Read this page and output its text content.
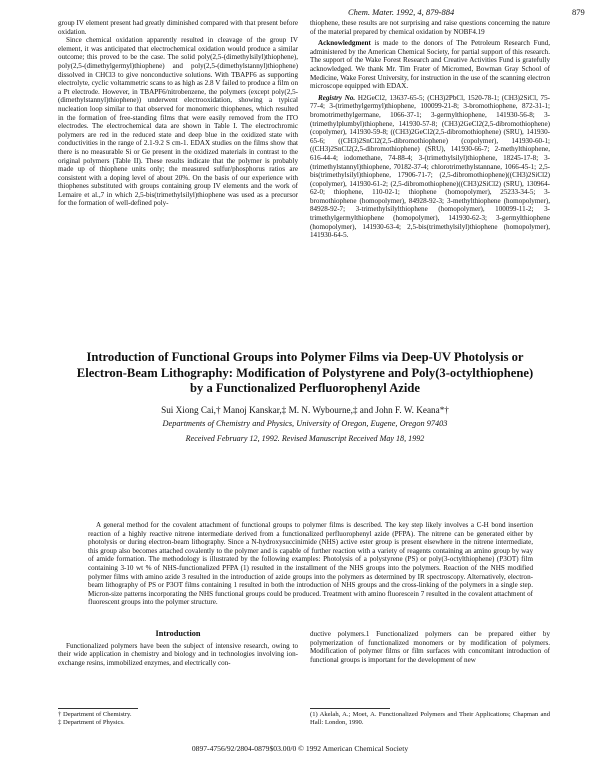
Chem. Mater. 1992, 4, 879-884	879

group IV element present had greatly diminished compared with that present before oxidation.

Since chemical oxidation apparently resulted in cleavage of the group IV element, it was anticipated that electrochemical oxidation would produce a similar outcome; this proved to be the case. The solid poly(2,5-(dimethylsilyl)thiophene), poly(2,5-(dimethylgermyl)thiophene) and poly(2,5-(dimethylstannyl)thiophene) dissolved in CHCl3 to give nonconductive solutions. With TBAPF6 as supporting electrolyte, cyclic voltammetric scans to as high as 2.8 V failed to produce a film on a Pt electrode. However, in TBAPF6/nitrobenzene, the polymers (except poly(2,5-(dimethylstannyl)thiophene)) underwent electrooxidation, showing a typical nucleation loop similar to that observed for monomeric thiophenes, which resulted in the formation of free-standing films that were easily removed from the ITO electrodes. The electrochemical data are shown in Table I. The electrochromic polymers are red in the reduced state and deep blue in the oxidized state with conductivities in the range of 2.1-9.2 S cm-1. EDAX studies on the films show that there is no measurable Si or Ge present in the oxidized materials in contrast to the original polymers (Table II). These results indicate that the polymer is probably made up of thiophene units only; the measured sulfur/phosphorus ratios are consistent with a doping level of about 20%. On the basis of our experience with thiophenes substituted with groups containing group IV elements and the work of Lemaire et al.,7 in which 2,5-bis(trimethylsilyl)thiophene was used as a precursor for the formation of well-defined poly-

thiophene, these results are not surprising and raise questions concerning the nature of the material prepared by chemical oxidation by NOBF4.19

Acknowledgment is made to the donors of The Petroleum Research Fund, administered by the American Chemical Society, for partial support of this research. The support of the Wake Forest Research and Creative Activities Fund is gratefully acknowledged. We thank Mr. Tim Frater of Micromed, Bowman Gray School of Medicine, Wake Forest University, for instruction in the use of the scanning electron microscope equipped with EDAX.

Registry No. H2GeCl2, 13637-65-5; (CH3)2PbCl, 1520-78-1; (CH3)2SiCl, 75-77-4; 3-(trimethylgermyl)thiophene, 100099-21-8; 3-bromothiophene, 872-31-1; bromotrimethylgermane, 1066-37-1; 3-germylthiophene, 141930-56-8; 3-(trimethylplumbyl)thiophene, 141930-57-8; (CH3)2GeCl2(2,5-dibromothiophene) (copolymer), 141930-59-8; ((CH3)2GeCl2(2,5-dibromothiophene) (SRU), 141930-65-6; ((CH3)2SnCl2(2,5-dibromothiophene) (copolymer), 141930-60-1; ((CH3)2SnCl2(2,5-dibromothiophene) (SRU), 141930-66-7; 2-methylthiophene, 616-44-4; iodomethane, 74-88-4; 3-(trimethylsilyl)thiophene, 18245-17-8; 3-(trimethylstannyl)thiophene, 70182-37-4; chlorotrimethylstannane, 1066-45-1; 2,5-bis(trimethylsilyl)thiophene, 17906-71-7; (2,5-dibromothiophene)((CH3)2SiCl2) (copolymer), 141930-61-2; (2,5-dibromothiophene)((CH3)2SiCl2) (SRU), 130964-62-0; thiophene, 110-02-1; thiophene (homopolymer), 25233-34-5; 3-bromothiophene (homopolymer), 84928-92-3; 3-methylthiophene (homopolymer), 84928-92-7; 3-trimethylsilylthiophene (homopolymer), 100099-11-2; 3-trimethylgermylthiophene (homopolymer), 141930-62-3; 3-germylthiophene (homopolymer), 141930-63-4; 2,5-bis(trimethylsilyl)thiophene (homopolymer), 141930-64-5.

Introduction of Functional Groups into Polymer Films via Deep-UV Photolysis or Electron-Beam Lithography: Modification of Polystyrene and Poly(3-octylthiophene) by a Functionalized Perfluorophenyl Azide
Sui Xiong Cai,† Manoj Kanskar,‡ M. N. Wybourne,‡ and John F. W. Keana*†
Departments of Chemistry and Physics, University of Oregon, Eugene, Oregon 97403
Received February 12, 1992. Revised Manuscript Received May 18, 1992

A general method for the covalent attachment of functional groups to polymer films is described. The key step likely involves a C-H bond insertion reaction of a highly reactive nitrene intermediate derived from a functionalized perfluorophenyl azide (PFPA). The nitrene can be generated either by photolysis or during electron-beam lithography. Since a N-hydroxysuccinimide (NHS) active ester group is present elsewhere in the nitrene intermediate, this group also becomes attached covalently to the polymer and is capable of further reaction with a variety of reagents containing an amino group by way of amide formation. The methodology is illustrated by the following examples: Photolysis of a polystyrene (PS) or poly(3-octylthiophene) (P3OT) film containing 3-10 wt % of NHS-functionalized PFPA (1) resulted in the installment of the NHS groups into the polymers. Reaction of the NHS modified polymer films with amino azide 3 resulted in the introduction of azide groups into the polymers as determined by IR spectroscopy. Alternatively, electron-beam lithography of PS or P3OT films containing 1 resulted in both the introduction of NHS groups and the cross-linking of the polymers in a single step. Micron-size patterns incorporating the NHS functional groups could be produced. Treatment with amino fluorescein 7 resulted in the covalent attachment of fluorescent groups into the polymer structure.

Introduction

Functionalized polymers have been the subject of intensive research, owing to their wide application in chemistry and biology and in technologies involving ion-exchange resins, immobilized enzymes, and electrically con-

ductive polymers.1 Functionalized polymers can be prepared either by polymerization of functionalized monomers or by modification of polymers. Modification of polymer films or film surfaces with concomitant introduction of functional groups is important for the development of new

† Department of Chemistry.
‡ Department of Physics.
(1) Akelah, A.; Moet, A. Functionalized Polymers and Their Applications; Chapman and Hall: London, 1990.
0897-4756/92/2804-0879$03.00/0 © 1992 American Chemical Society
